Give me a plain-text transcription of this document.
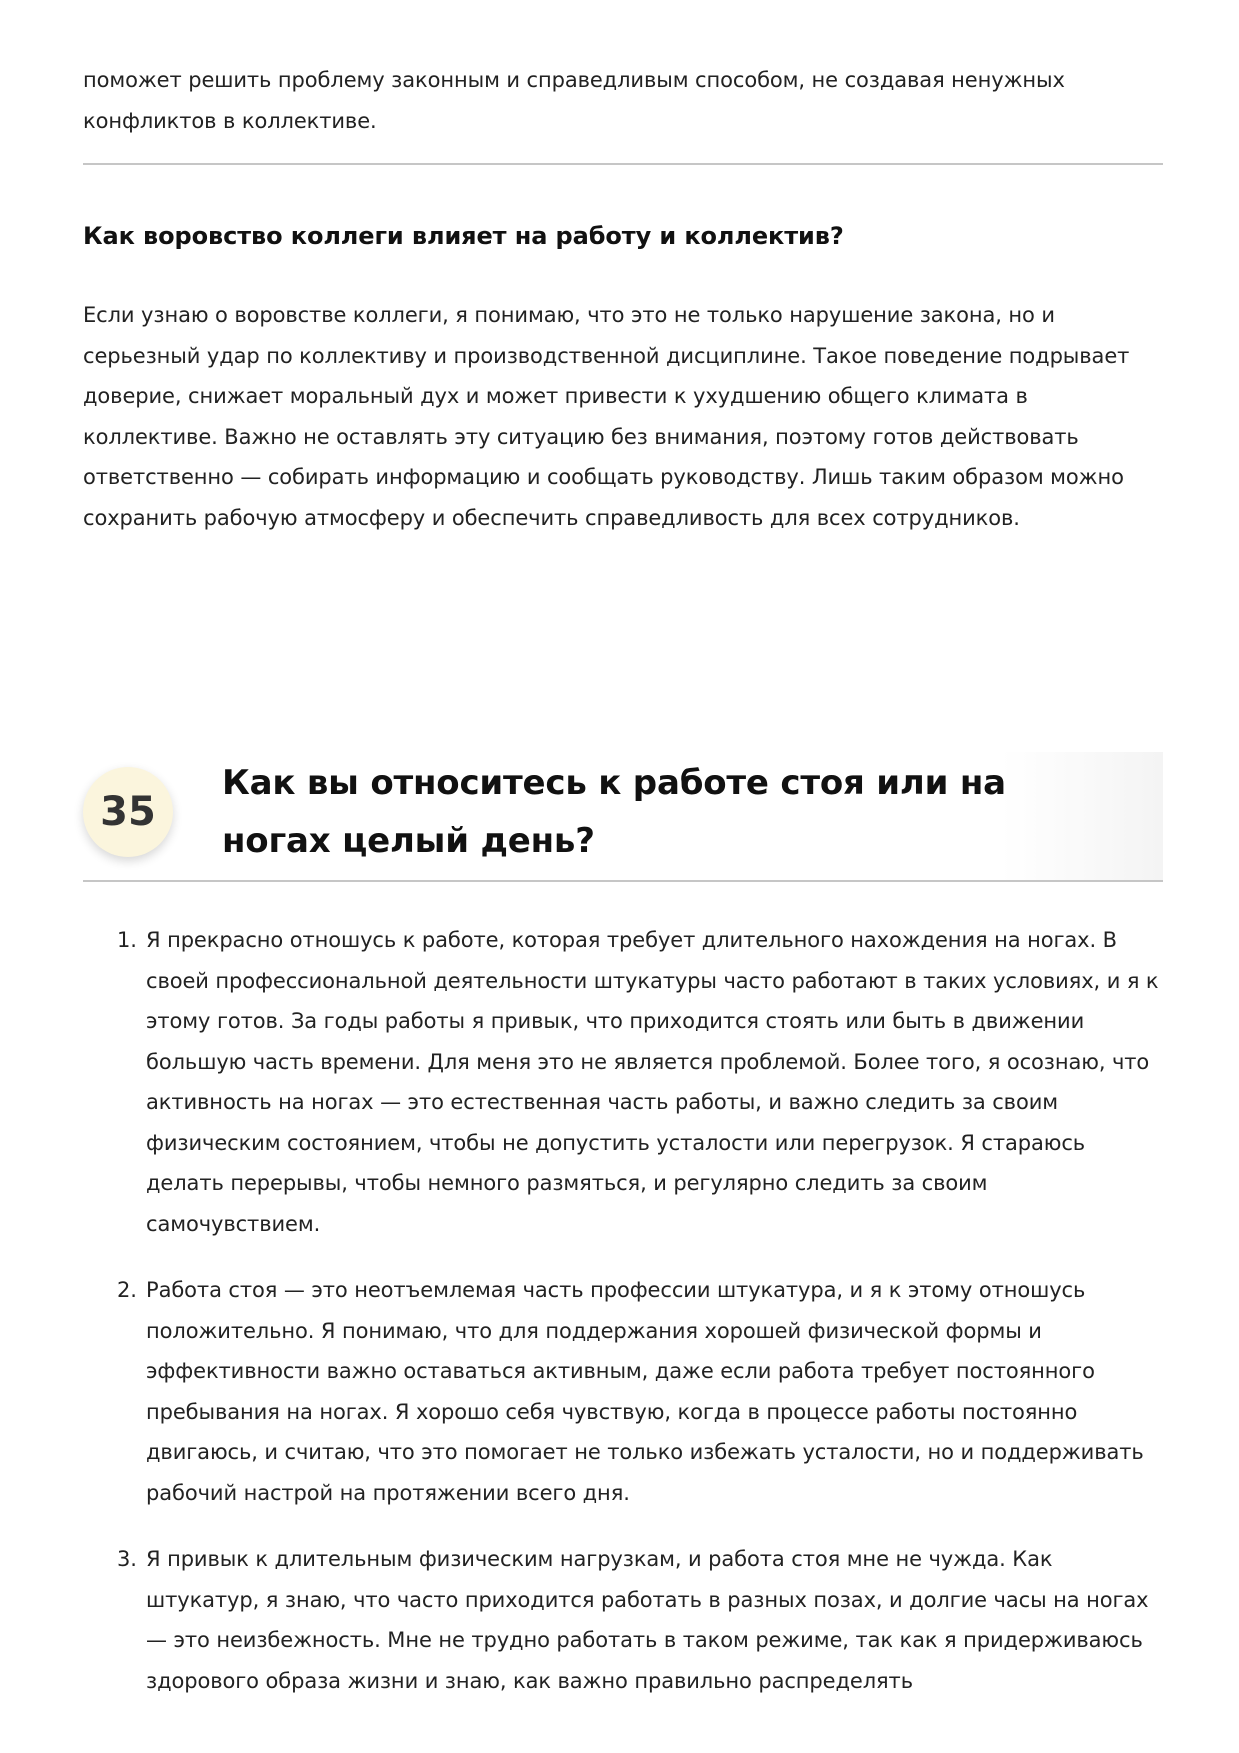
поможет решить проблему законным и справедливым способом, не создавая ненужных конфликтов в коллективе.

Как воровство коллеги влияет на работу и коллектив?

Если узнаю о воровстве коллеги, я понимаю, что это не только нарушение закона, но и серьезный удар по коллективу и производственной дисциплине. Такое поведение подрывает доверие, снижает моральный дух и может привести к ухудшению общего климата в коллективе. Важно не оставлять эту ситуацию без внимания, поэтому готов действовать ответственно — собирать информацию и сообщать руководству. Лишь таким образом можно сохранить рабочую атмосферу и обеспечить справедливость для всех сотрудников.

35
Как вы относитесь к работе стоя или на ногах целый день?
1. Я прекрасно отношусь к работе, которая требует длительного нахождения на ногах. В своей профессиональной деятельности штукатуры часто работают в таких условиях, и я к этому готов. За годы работы я привык, что приходится стоять или быть в движении большую часть времени. Для меня это не является проблемой. Более того, я осознаю, что активность на ногах — это естественная часть работы, и важно следить за своим физическим состоянием, чтобы не допустить усталости или перегрузок. Я стараюсь делать перерывы, чтобы немного размяться, и регулярно следить за своим самочувствием.
2. Работа стоя — это неотъемлемая часть профессии штукатура, и я к этому отношусь положительно. Я понимаю, что для поддержания хорошей физической формы и эффективности важно оставаться активным, даже если работа требует постоянного пребывания на ногах. Я хорошо себя чувствую, когда в процессе работы постоянно двигаюсь, и считаю, что это помогает не только избежать усталости, но и поддерживать рабочий настрой на протяжении всего дня.
3. Я привык к длительным физическим нагрузкам, и работа стоя мне не чужда. Как штукатур, я знаю, что часто приходится работать в разных позах, и долгие часы на ногах — это неизбежность. Мне не трудно работать в таком режиме, так как я придерживаюсь здорового образа жизни и знаю, как важно правильно распределять
